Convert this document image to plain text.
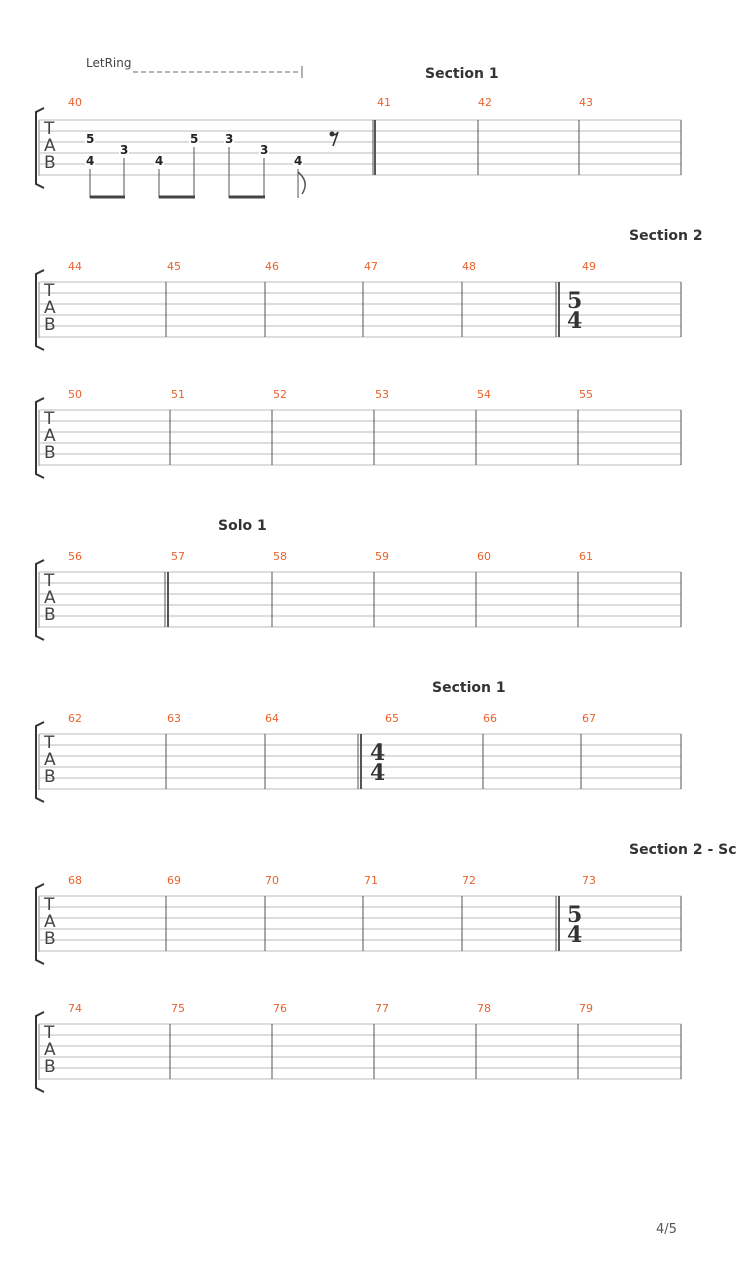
LetRing
Section 1
T
A
B
40	41	42	43
5
4
3
4
5 3
3
4
Section 2
T
A
B
44	45	46	47	48	49
5
4
T
A
B
50	51	52	53	54	55
Solo 1
T
A
B
56	57	58	59	60	61
Section 1
T
A
B
62	63	64	65	66	67
4
4
Section 2 - Sc
T
A
B
68	69	70	71	72	73
5
4
T
A
B
74	75	76	77	78	79
4/5
